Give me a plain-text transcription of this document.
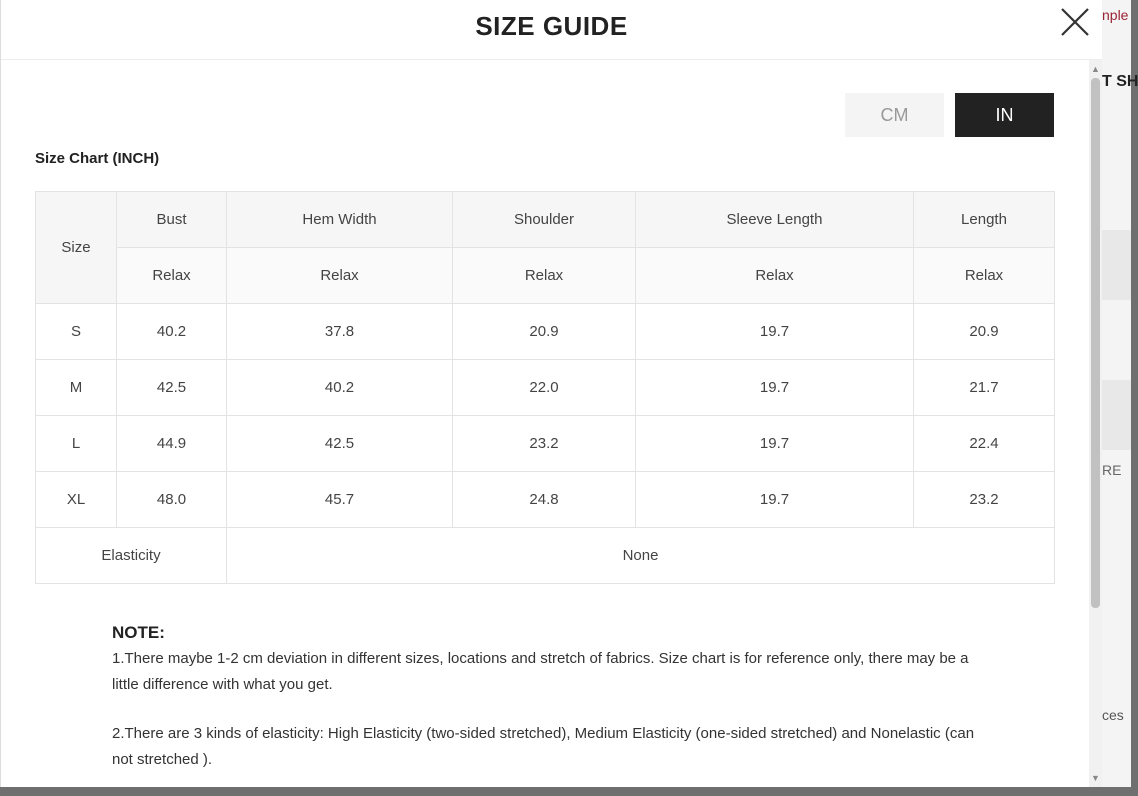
nple
T SH
RE
ces
SIZE GUIDE
CM	IN
Size Chart (INCH)
Size	Bust	Hem Width	Shoulder	Sleeve Length	Length
	Relax	Relax	Relax	Relax	Relax
S	40.2	37.8	20.9	19.7	20.9
M	42.5	40.2	22.0	19.7	21.7
L	44.9	42.5	23.2	19.7	22.4
XL	48.0	45.7	24.8	19.7	23.2
Elasticity		None			
NOTE:

1.There maybe 1-2 cm deviation in different sizes, locations and stretch of fabrics. Size chart is for reference only, there may be a little difference with what you get.

2.There are 3 kinds of elasticity: High Elasticity (two-sided stretched), Medium Elasticity (one-sided stretched) and Nonelastic (can not stretched ).

▲
▼
